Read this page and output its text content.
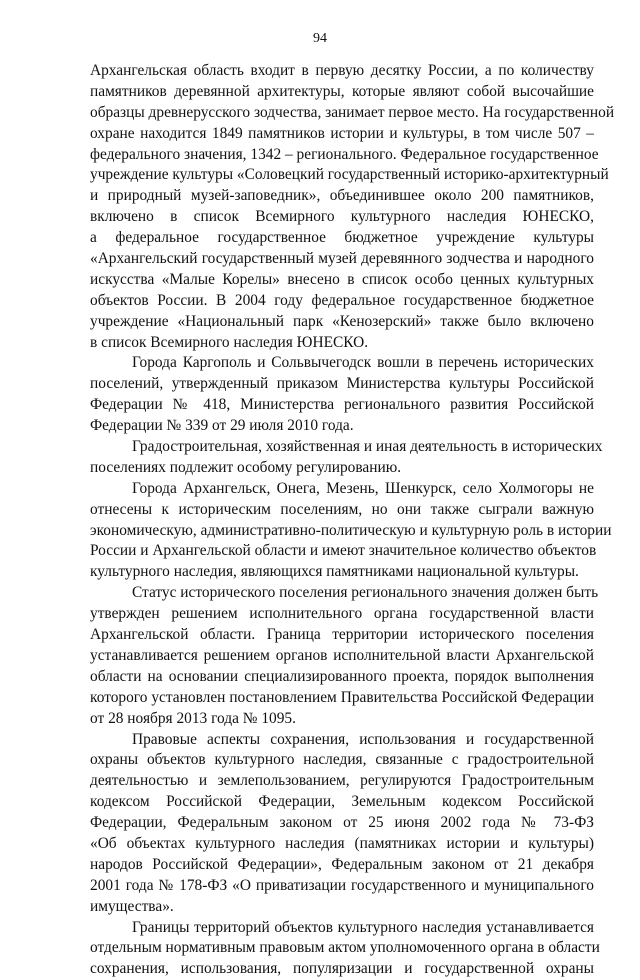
94
Архангельская область входит в первую десятку России, а по количеству
памятников деревянной архитектуры, которые являют собой высочайшие
образцы древнерусского зодчества, занимает первое место. На государственной
охране находится 1849 памятников истории и культуры, в том числе 507 –
федерального значения, 1342 – регионального. Федеральное государственное
учреждение культуры «Соловецкий государственный историко-архитектурный
и природный музей-заповедник», объединившее около 200 памятников,
включено в список Всемирного культурного наследия ЮНЕСКО,
а федеральное государственное бюджетное учреждение культуры
«Архангельский государственный музей деревянного зодчества и народного
искусства «Малые Корелы» внесено в список особо ценных культурных
объектов России. В 2004 году федеральное государственное бюджетное
учреждение «Национальный парк «Кенозерский» также было включено
в список Всемирного наследия ЮНЕСКО.
Города Каргополь и Сольвычегодск вошли в перечень исторических
поселений, утвержденный приказом Министерства культуры Российской
Федерации № 418, Министерства регионального развития Российской
Федерации № 339 от 29 июля 2010 года.
Градостроительная, хозяйственная и иная деятельность в исторических
поселениях подлежит особому регулированию.
Города Архангельск, Онега, Мезень, Шенкурск, село Холмогоры не
отнесены к историческим поселениям, но они также сыграли важную
экономическую, административно-политическую и культурную роль в истории
России и Архангельской области и имеют значительное количество объектов
культурного наследия, являющихся памятниками национальной культуры.
Статус исторического поселения регионального значения должен быть
утвержден решением исполнительного органа государственной власти
Архангельской области. Граница территории исторического поселения
устанавливается решением органов исполнительной власти Архангельской
области на основании специализированного проекта, порядок выполнения
которого установлен постановлением Правительства Российской Федерации
от 28 ноября 2013 года № 1095.
Правовые аспекты сохранения, использования и государственной
охраны объектов культурного наследия, связанные с градостроительной
деятельностью и землепользованием, регулируются Градостроительным
кодексом Российской Федерации, Земельным кодексом Российской
Федерации, Федеральным законом от 25 июня 2002 года № 73-ФЗ
«Об объектах культурного наследия (памятниках истории и культуры)
народов Российской Федерации», Федеральным законом от 21 декабря
2001 года № 178-ФЗ «О приватизации государственного и муниципального
имущества».
Границы территорий объектов культурного наследия устанавливается
отдельным нормативным правовым актом уполномоченного органа в области
сохранения, использования, популяризации и государственной охраны
